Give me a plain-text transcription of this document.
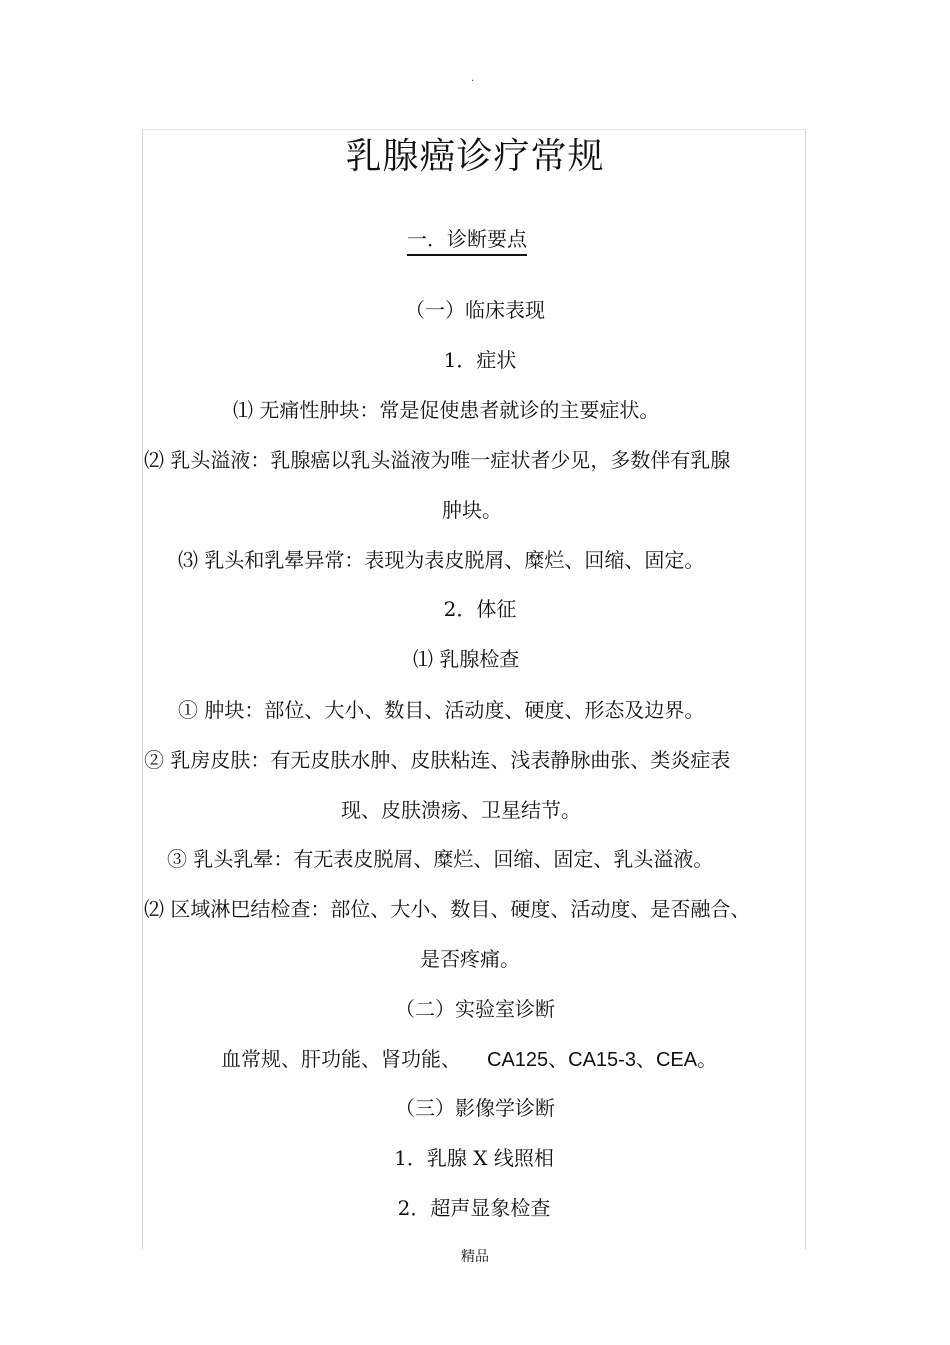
.
乳腺癌诊疗常规
一．诊断要点
（一）临床表现
1．症状
⑴ 无痛性肿块：常是促使患者就诊的主要症状。
⑵ 乳头溢液：乳腺癌以乳头溢液为唯一症状者少见，多数伴有乳腺
肿块。
⑶ 乳头和乳晕异常：表现为表皮脱屑、糜烂、回缩、固定。
2．体征
⑴ 乳腺检查
① 肿块：部位、大小、数目、活动度、硬度、形态及边界。
② 乳房皮肤：有无皮肤水肿、皮肤粘连、浅表静脉曲张、类炎症表
现、皮肤溃疡、卫星结节。
③ 乳头乳晕：有无表皮脱屑、糜烂、回缩、固定、乳头溢液。
⑵ 区域淋巴结检查：部位、大小、数目、硬度、活动度、是否融合、
是否疼痛。
（二）实验室诊断
血常规、肝功能、肾功能、 CA125、CA15-3、CEA。
（三）影像学诊断
1．乳腺 X 线照相
2．超声显象检查
精品
